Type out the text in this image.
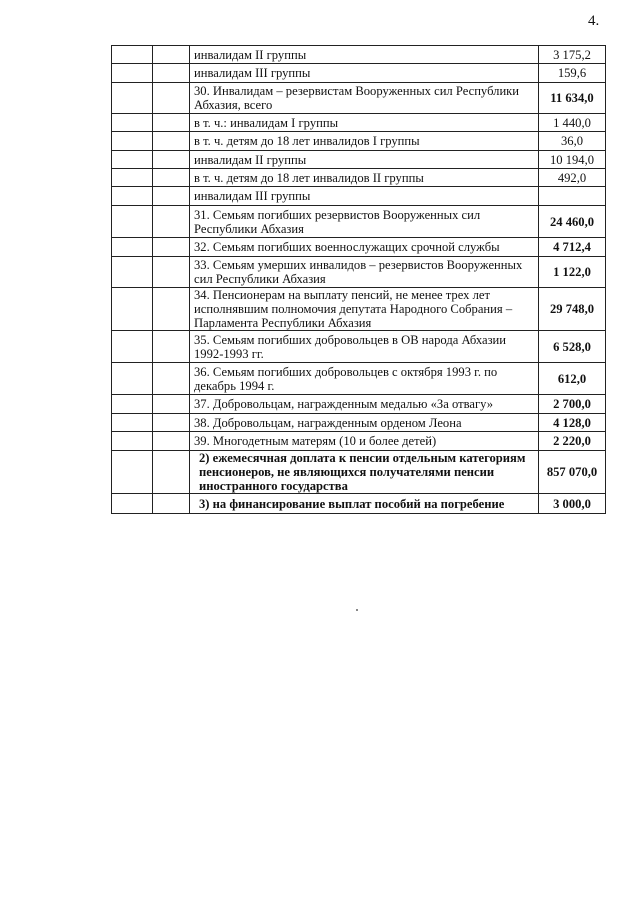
4.
		инвалидам II группы	3 175,2
		инвалидам III группы	159,6
		30. Инвалидам – резервистам Вооруженных сил Республики Абхазия, всего	11 634,0
		в т. ч.: инвалидам I группы	1 440,0
		в т. ч. детям до 18 лет инвалидов I группы	36,0
		инвалидам II группы	10 194,0
		в т. ч. детям до 18 лет инвалидов II группы	492,0
		инвалидам III группы	
		31. Семьям погибших резервистов Вооруженных сил Республики Абхазия	24 460,0
		32. Семьям погибших военнослужащих срочной службы	4 712,4
		33. Семьям умерших инвалидов – резервистов Вооруженных сил Республики Абхазия	1 122,0
		34. Пенсионерам на выплату пенсий, не менее трех лет исполнявшим полномочия депутата Народного Собрания – Парламента Республики Абхазия	29 748,0
		35. Семьям погибших добровольцев в ОВ народа Абхазии 1992-1993 гг.	6 528,0
		36. Семьям погибших добровольцев с октября 1993 г. по декабрь 1994 г.	612,0
		37. Добровольцам, награжденным медалью «За отвагу»	2 700,0
		38. Добровольцам, награжденным орденом Леона	4 128,0
		39. Многодетным матерям (10 и более детей)	2 220,0
		2) ежемесячная доплата к пенсии отдельным категориям пенсионеров, не являющихся получателями пенсии иностранного государства	857 070,0
		3) на финансирование выплат пособий на погребение	3 000,0
